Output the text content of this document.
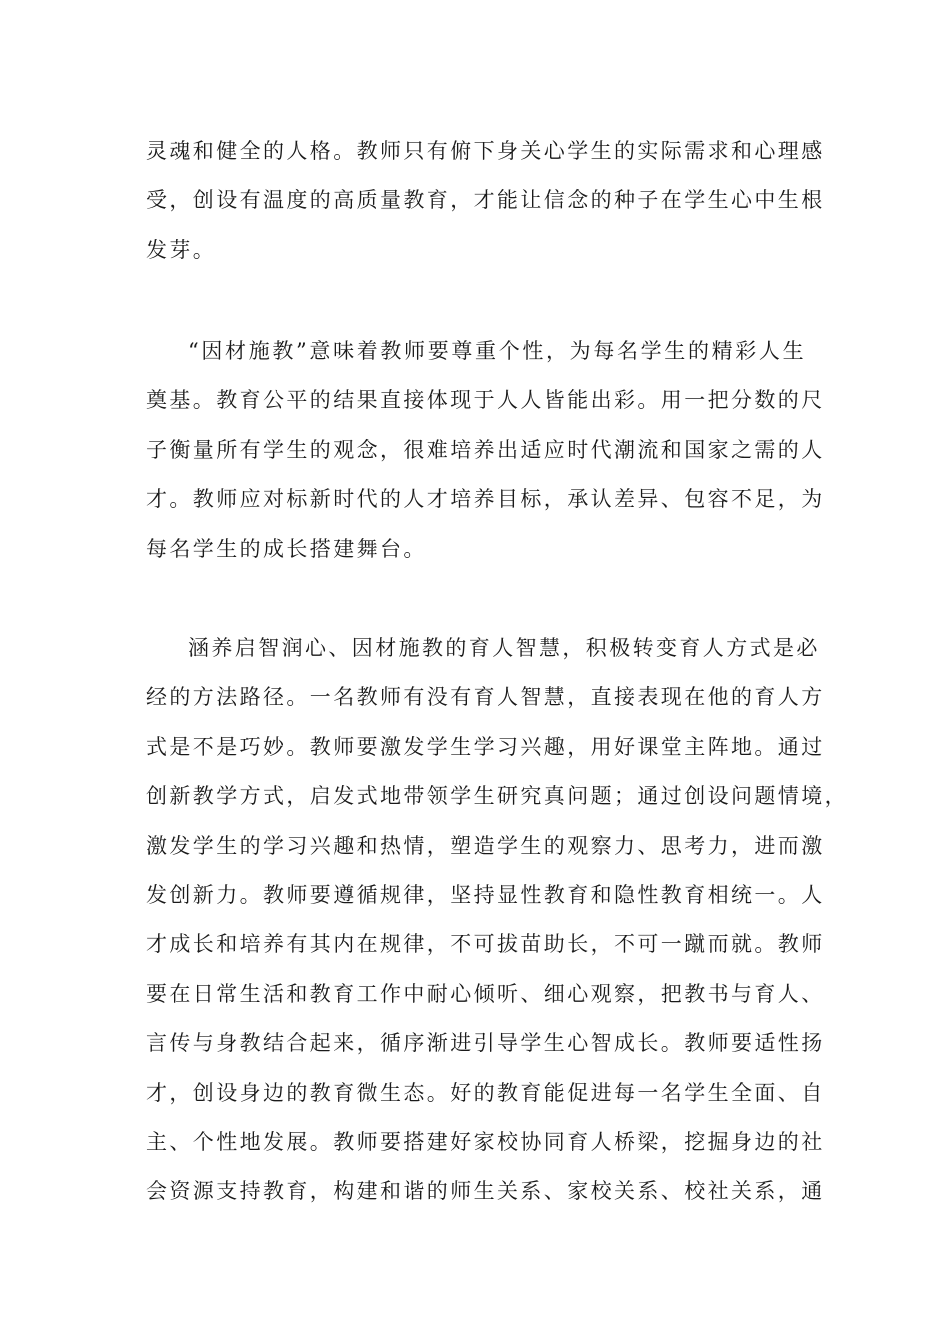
灵魂和健全的人格。教师只有俯下身关心学生的实际需求和心理感
受，创设有温度的高质量教育，才能让信念的种子在学生心中生根
发芽。
“因材施教”意味着教师要尊重个性，为每名学生的精彩人生
奠基。教育公平的结果直接体现于人人皆能出彩。用一把分数的尺
子衡量所有学生的观念，很难培养出适应时代潮流和国家之需的人
才。教师应对标新时代的人才培养目标，承认差异、包容不足，为
每名学生的成长搭建舞台。
涵养启智润心、因材施教的育人智慧，积极转变育人方式是必
经的方法路径。一名教师有没有育人智慧，直接表现在他的育人方
式是不是巧妙。教师要激发学生学习兴趣，用好课堂主阵地。通过
创新教学方式，启发式地带领学生研究真问题；通过创设问题情境，
激发学生的学习兴趣和热情，塑造学生的观察力、思考力，进而激
发创新力。教师要遵循规律，坚持显性教育和隐性教育相统一。人
才成长和培养有其内在规律，不可拔苗助长，不可一蹴而就。教师
要在日常生活和教育工作中耐心倾听、细心观察，把教书与育人、
言传与身教结合起来，循序渐进引导学生心智成长。教师要适性扬
才，创设身边的教育微生态。好的教育能促进每一名学生全面、自
主、个性地发展。教师要搭建好家校协同育人桥梁，挖掘身边的社
会资源支持教育，构建和谐的师生关系、家校关系、校社关系，通
